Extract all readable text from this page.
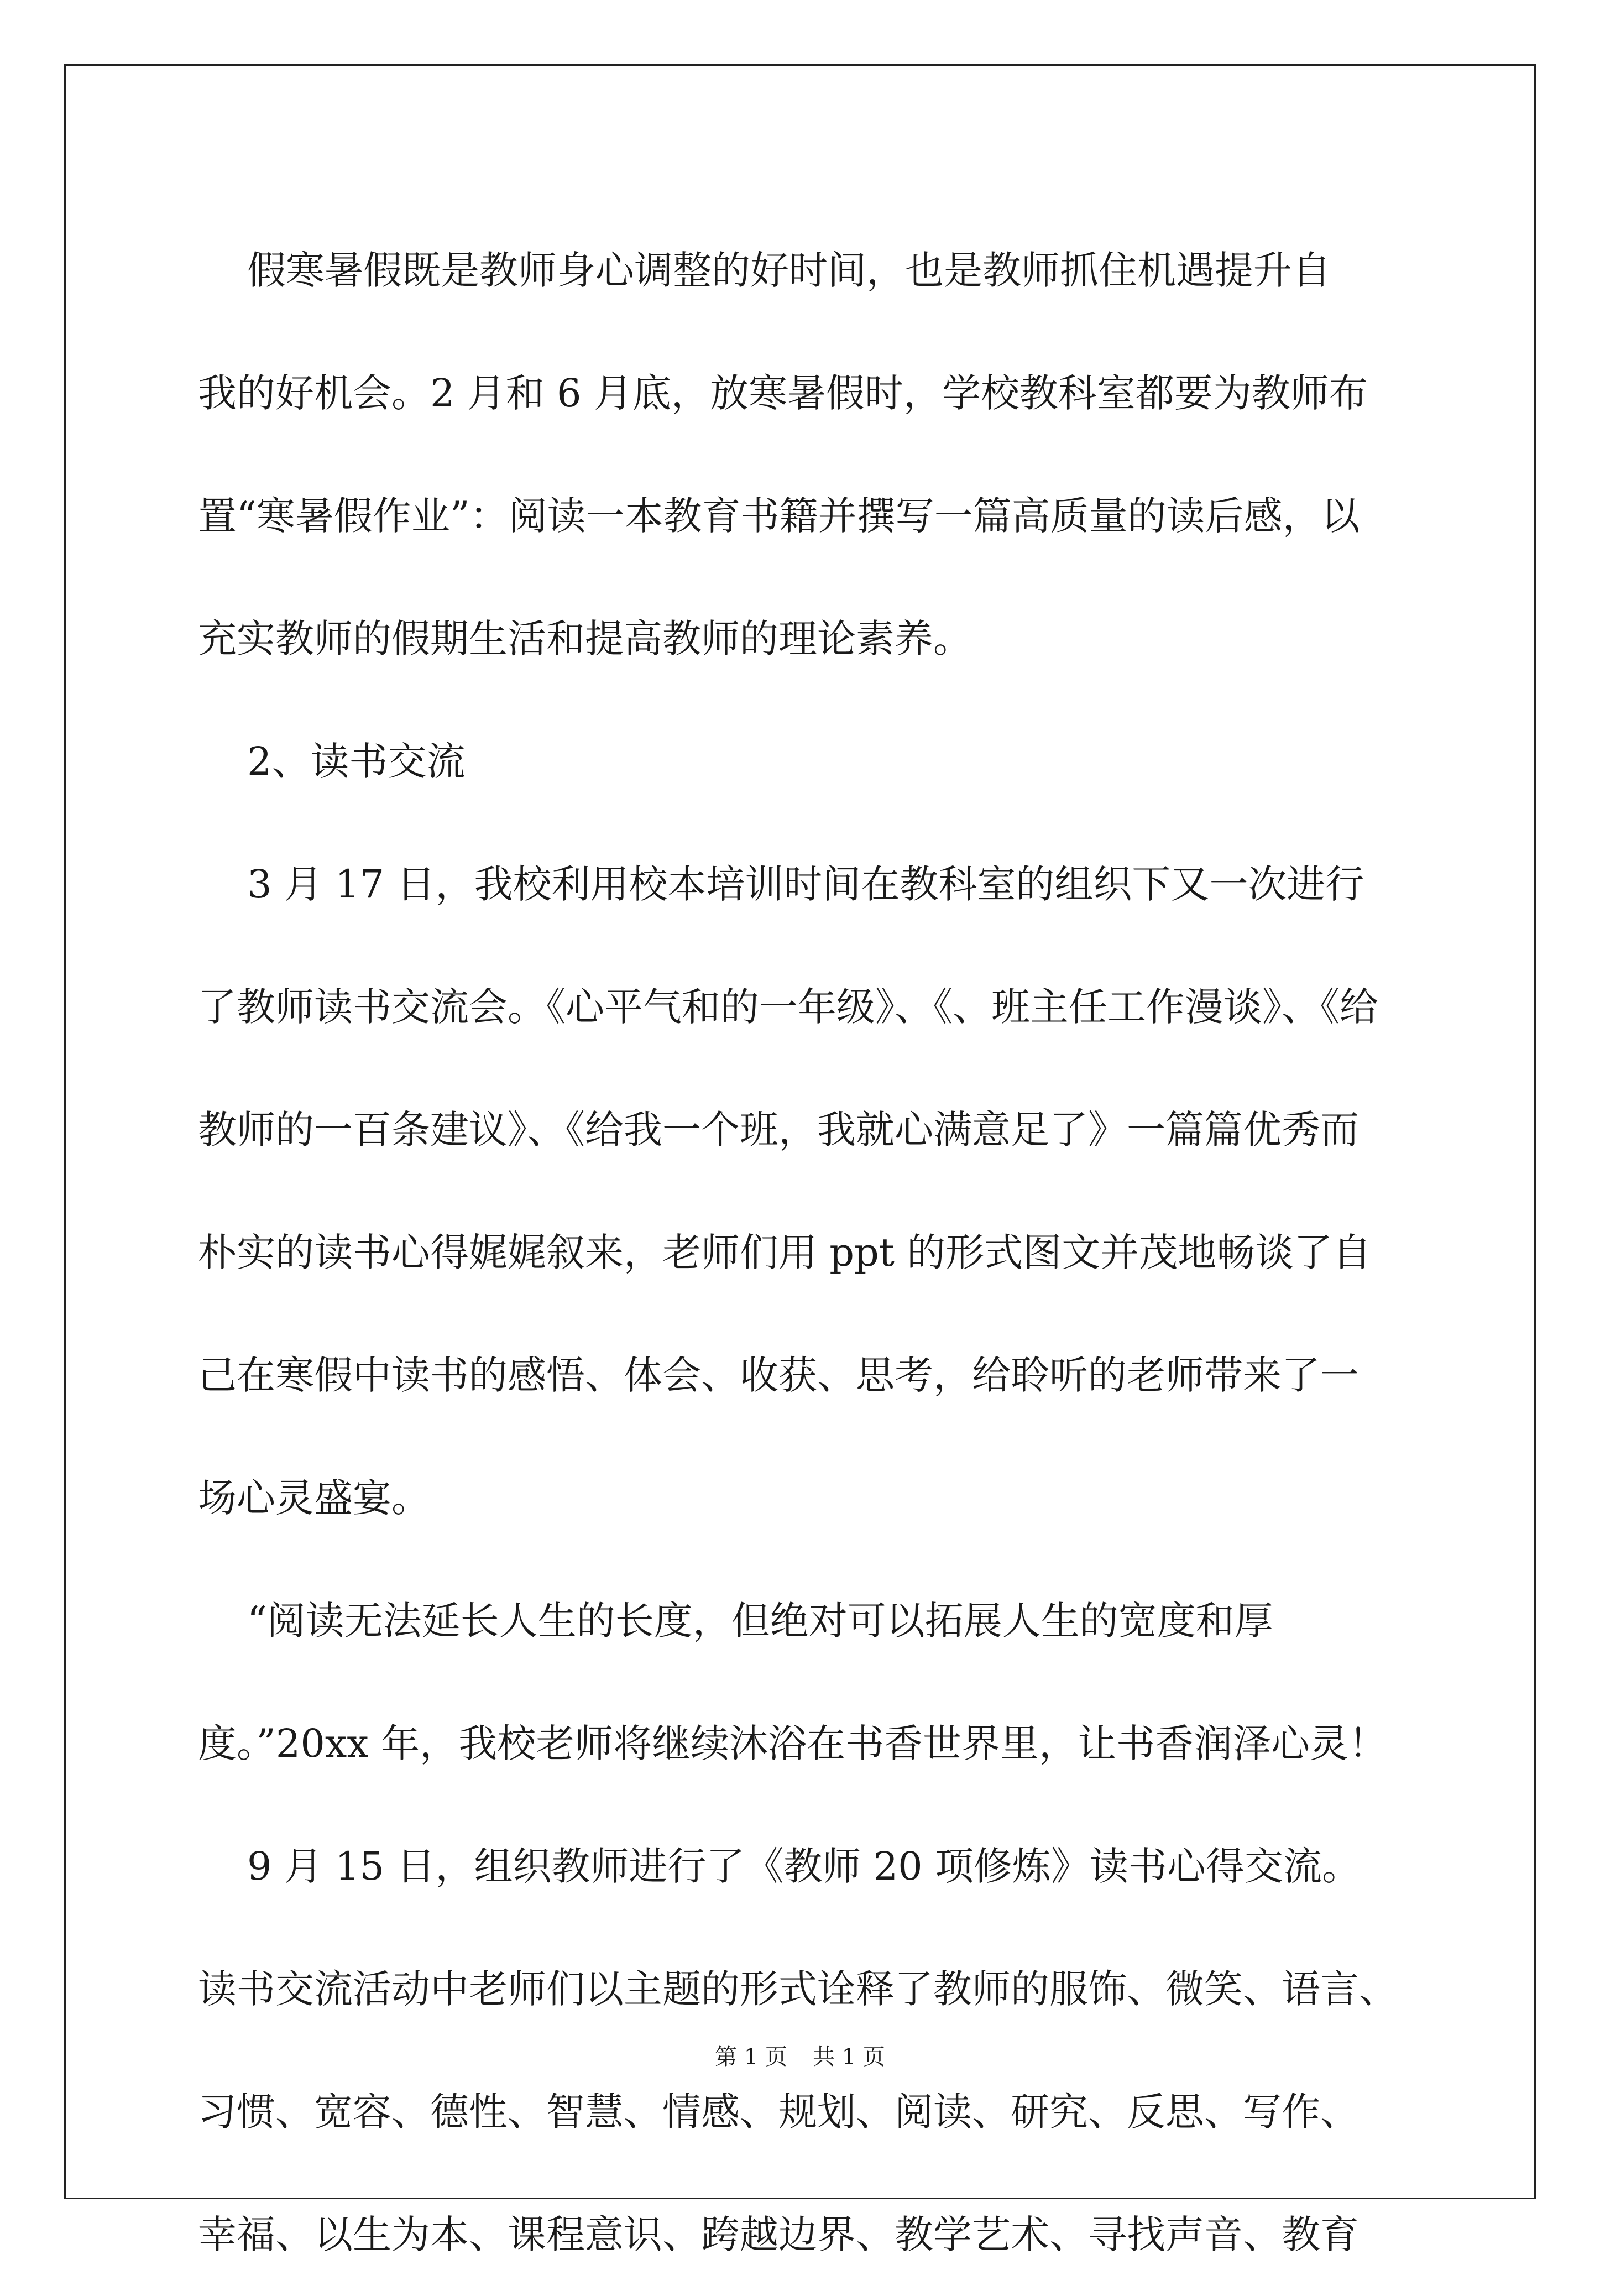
假寒暑假既是教师身心调整的好时间，也是教师抓住机遇提升自
我的好机会。2 月和 6 月底，放寒暑假时，学校教科室都要为教师布
置“寒暑假作业”：阅读一本教育书籍并撰写一篇高质量的读后感，以
充实教师的假期生活和提高教师的理论素养。
2、读书交流
3 月 17 日，我校利用校本培训时间在教科室的组织下又一次进行
了教师读书交流会。《心平气和的一年级》、《、班主任工作漫谈》、《给
教师的一百条建议》、《给我一个班，我就心满意足了》一篇篇优秀而
朴实的读书心得娓娓叙来，老师们用 ppt 的形式图文并茂地畅谈了自
己在寒假中读书的感悟、体会、收获、思考，给聆听的老师带来了一
场心灵盛宴。
“阅读无法延长人生的长度，但绝对可以拓展人生的宽度和厚
度。”20xx 年，我校老师将继续沐浴在书香世界里，让书香润泽心灵！
9 月 15 日，组织教师进行了《教师 20 项修炼》读书心得交流。
读书交流活动中老师们以主题的形式诠释了教师的服饰、微笑、语言、
习惯、宽容、德性、智慧、情感、规划、阅读、研究、反思、写作、
幸福、以生为本、课程意识、跨越边界、教学艺术、寻找声音、教育
第 1 页 共 1 页
